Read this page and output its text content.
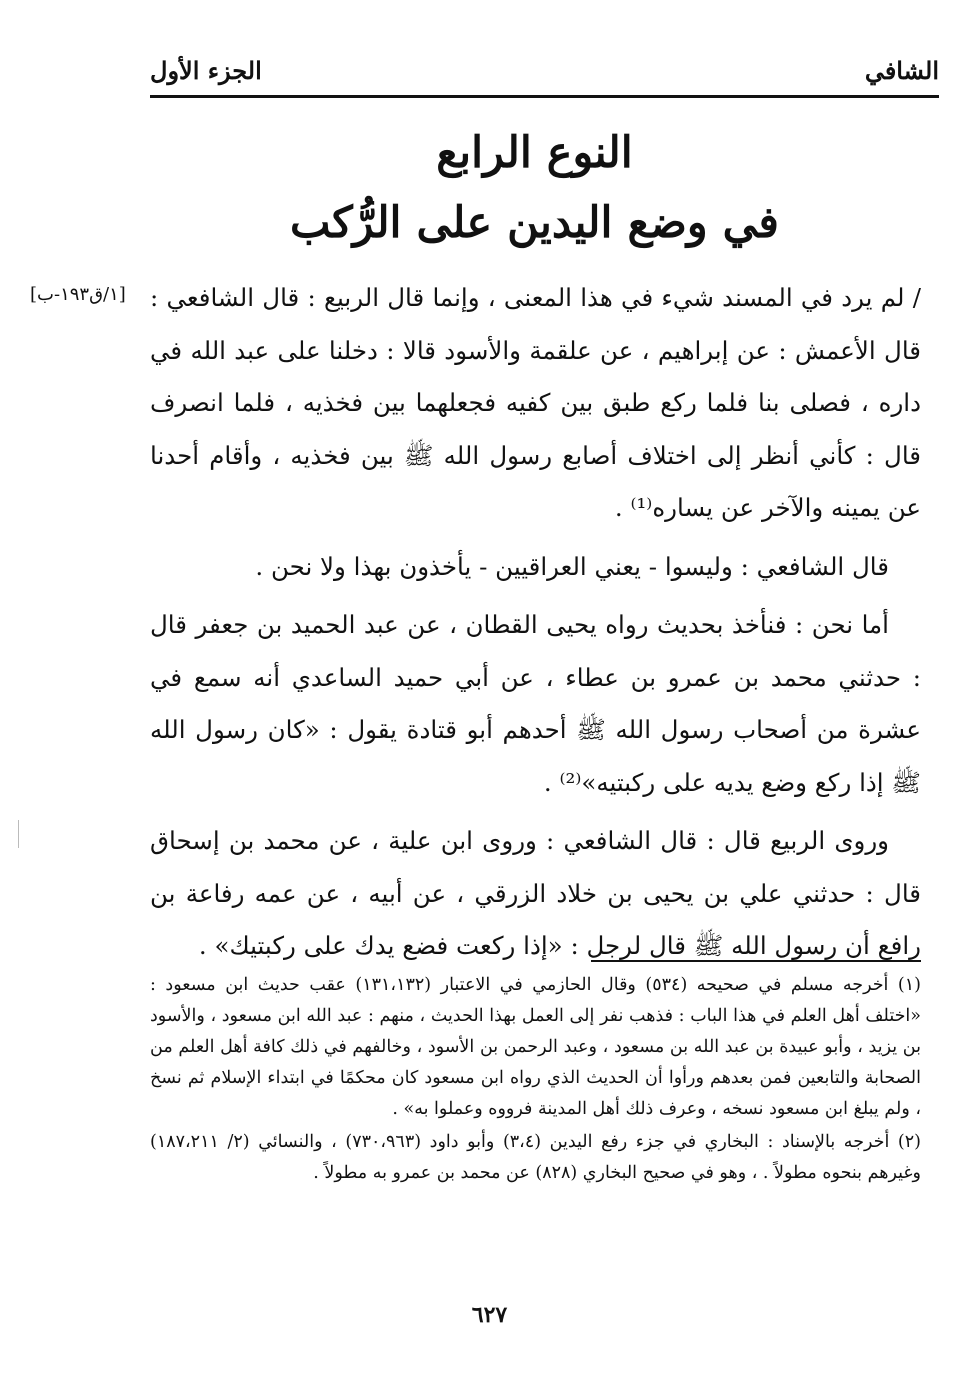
الشافي
الجزء الأول
النوع الرابع
في وضع اليدين على الرُّكب
[١/ق١٩٣-ب] / لم يرد في المسند شيء في هذا المعنى ، وإنما قال الربيع : قال الشافعي : قال الأعمش : عن إبراهيم ، عن علقمة والأسود قالا : دخلنا على عبد الله في داره ، فصلى بنا فلما ركع طبق بين كفيه فجعلهما بين فخذيه ، فلما انصرف قال : كأني أنظر إلى اختلاف أصابع رسول الله ﷺ بين فخذيه ، وأقام أحدنا عن يمينه والآخر عن يساره⁽¹⁾ .

قال الشافعي : وليسوا - يعني العراقيين - يأخذون بهذا ولا نحن .

أما نحن : فنأخذ بحديث رواه يحيى القطان ، عن عبد الحميد بن جعفر قال : حدثني محمد بن عمرو بن عطاء ، عن أبي حميد الساعدي أنه سمع في عشرة من أصحاب رسول الله ﷺ أحدهم أبو قتادة يقول : «كان رسول الله ﷺ إذا ركع وضع يديه على ركبتيه»⁽²⁾ .

وروى الربيع قال : قال الشافعي : وروى ابن علية ، عن محمد بن إسحاق قال : حدثني علي بن يحيى بن خلاد الزرقي ، عن أبيه ، عن عمه رفاعة بن رافع أن رسول الله ﷺ قال لرجل : «إذا ركعت فضع يدك على ركبتيك» .

(١) أخرجه مسلم في صحيحه (٥٣٤) وقال الحازمي في الاعتبار (١٣١،١٣٢) عقب حديث ابن مسعود : «اختلف أهل العلم في هذا الباب : فذهب نفر إلى العمل بهذا الحديث ، منهم : عبد الله ابن مسعود ، والأسود بن يزيد ، وأبو عبيدة بن عبد الله بن مسعود ، وعبد الرحمن بن الأسود ، وخالفهم في ذلك كافة أهل العلم من الصحابة والتابعين فمن بعدهم ورأوا أن الحديث الذي رواه ابن مسعود كان محكمًا في ابتداء الإسلام ثم نسخ ، ولم يبلغ ابن مسعود نسخه ، وعرف ذلك أهل المدينة فرووه وعملوا به» .

(٢) أخرجه بالإسناد : البخاري في جزء رفع اليدين (٣،٤) وأبو داود (٧٣٠،٩٦٣) ، والنسائي (٢/ ١٨٧،٢١١) وغيرهم بنحوه مطولاً . ، وهو في صحيح البخاري (٨٢٨) عن محمد بن عمرو به مطولاً .

٦٢٧
